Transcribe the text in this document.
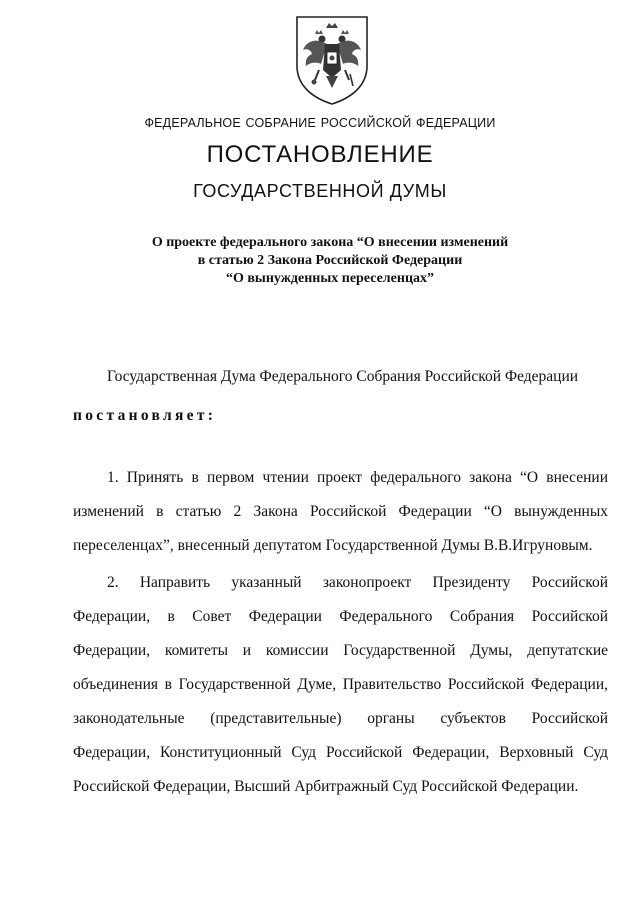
ФЕДЕРАЛЬНОЕ СОБРАНИЕ РОССИЙСКОЙ ФЕДЕРАЦИИ
ПОСТАНОВЛЕНИЕ
ГОСУДАРСТВЕННОЙ ДУМЫ
О проекте федерального закона “О внесении изменений
в статью 2 Закона Российской Федерации
“О вынужденных переселенцах”
Государственная Дума Федерального Собрания Российской Федерации
постановляет:
1. Принять в первом чтении проект федерального закона “О внесении
изменений в статью 2 Закона Российской Федерации “О вынужденных
переселенцах”, внесенный депутатом Государственной Думы В.В.Игруновым.
2. Направить указанный законопроект Президенту Российской
Федерации, в Совет Федерации Федерального Собрания Российской
Федерации, комитеты и комиссии Государственной Думы, депутатские
объединения в Государственной Думе, Правительство Российской Федерации,
законодательные (представительные) органы субъектов Российской
Федерации, Конституционный Суд Российской Федерации, Верховный Суд
Российской Федерации, Высший Арбитражный Суд Российской Федерации.
